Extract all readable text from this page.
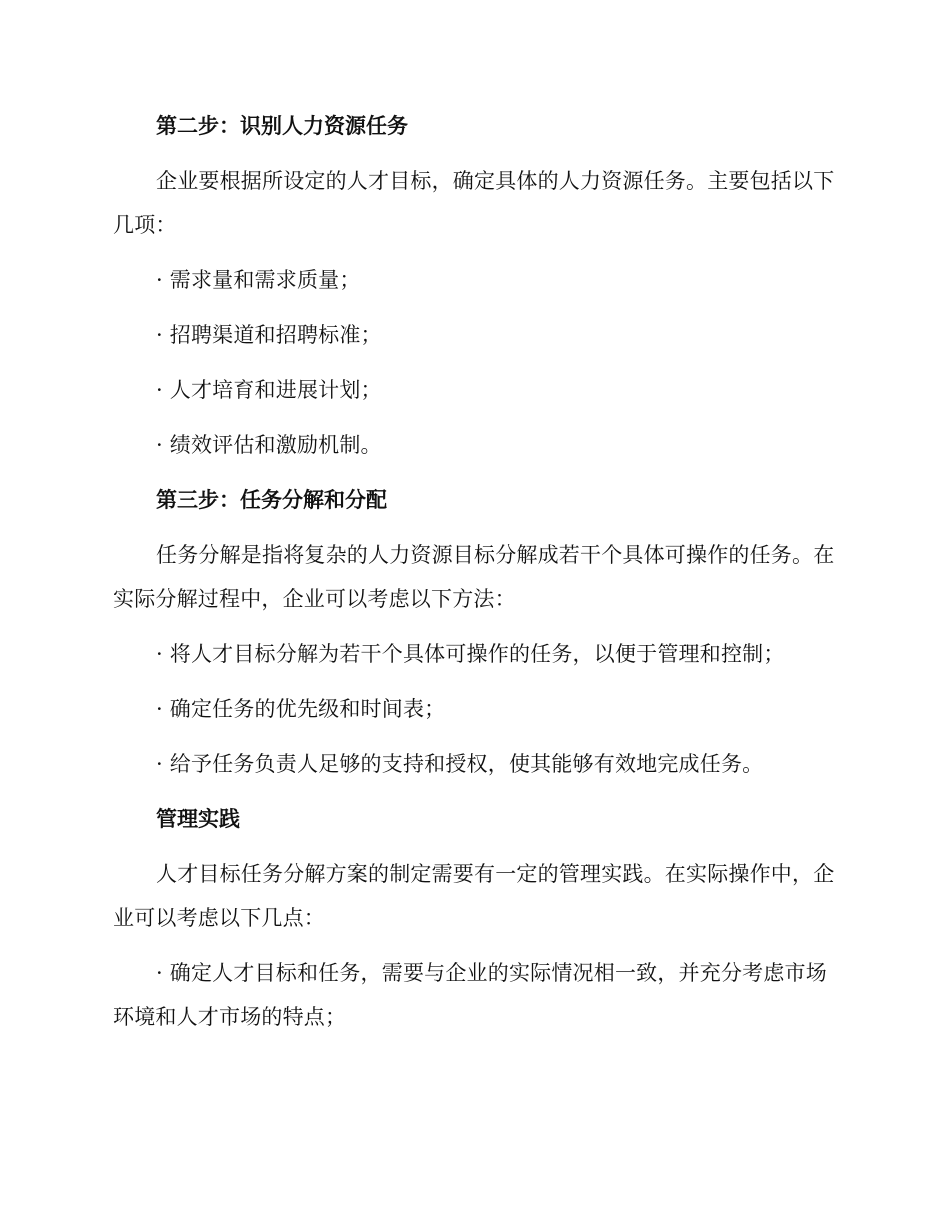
第二步：识别人力资源任务
企业要根据所设定的人才目标，确定具体的人力资源任务。主要包括以下几项：
· 需求量和需求质量；
· 招聘渠道和招聘标准；
· 人才培育和进展计划；
· 绩效评估和激励机制。
第三步：任务分解和分配
任务分解是指将复杂的人力资源目标分解成若干个具体可操作的任务。在实际分解过程中，企业可以考虑以下方法：
· 将人才目标分解为若干个具体可操作的任务，以便于管理和控制；
· 确定任务的优先级和时间表；
· 给予任务负责人足够的支持和授权，使其能够有效地完成任务。
管理实践
人才目标任务分解方案的制定需要有一定的管理实践。在实际操作中，企业可以考虑以下几点：
· 确定人才目标和任务，需要与企业的实际情况相一致，并充分考虑市场环境和人才市场的特点；
